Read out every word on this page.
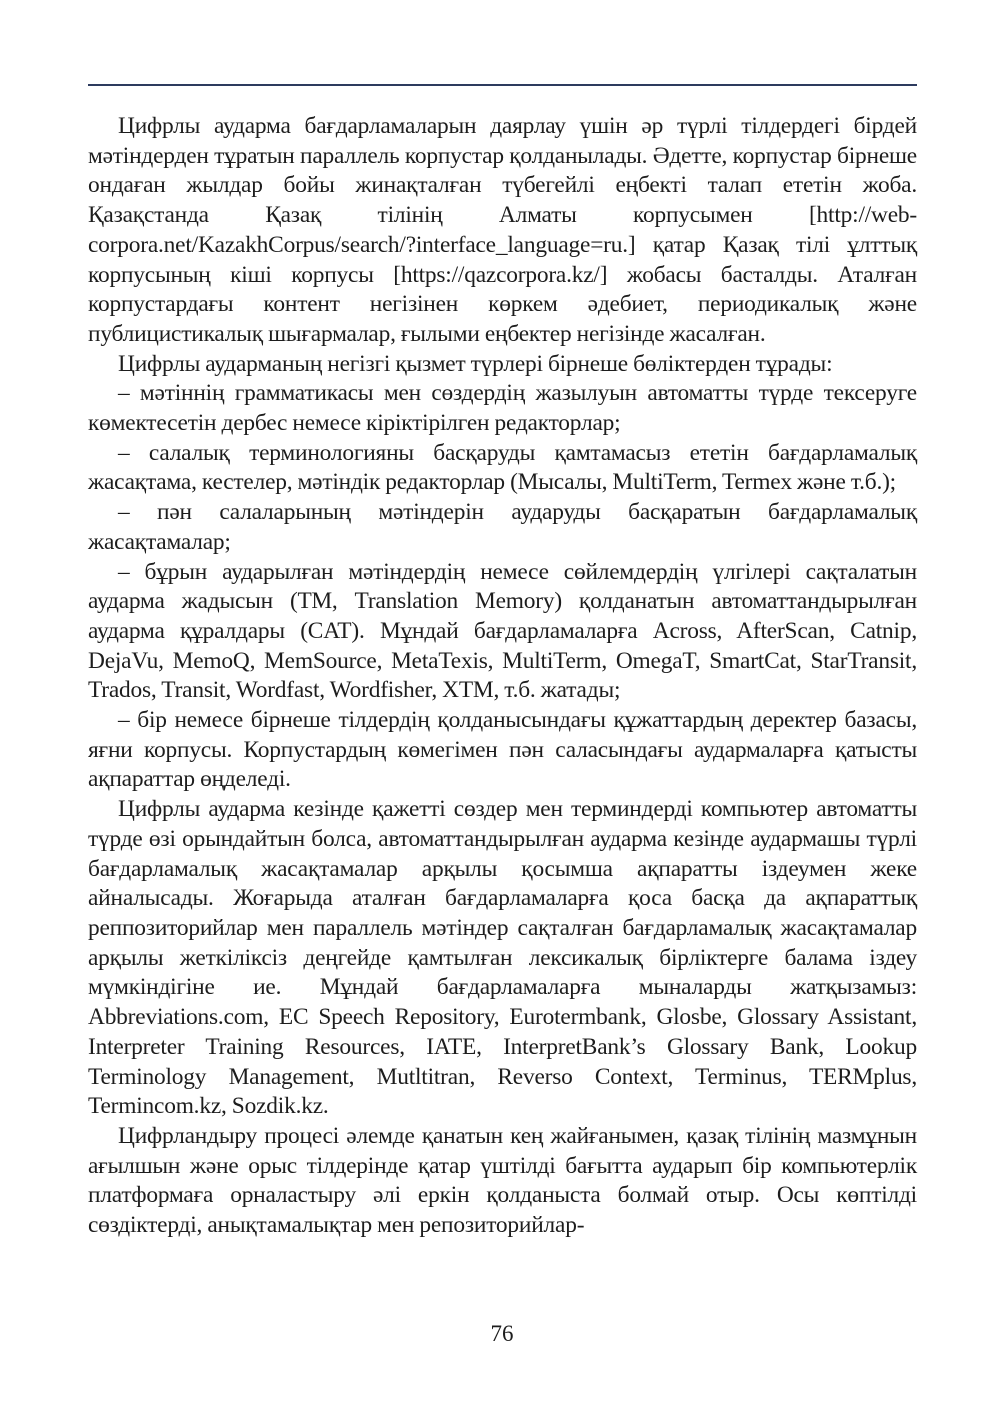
Цифрлы аударма бағдарламаларын даярлау үшін әр түрлі тілдердегі бірдей мәтіндерден тұратын параллель корпустар қолданылады. Әдетте, корпустар бірнеше ондаған жылдар бойы жинақталған түбегейлі еңбекті талап ететін жоба. Қазақстанда Қазақ тілінің Алматы корпусымен [http://web-corpora.net/KazakhCorpus/search/?interface_language=ru.] қатар Қазақ тілі ұлттық корпусының кіші корпусы [https://qazcorpora.kz/] жобасы басталды. Аталған корпустардағы контент негізінен көркем әдебиет, периодикалық және публицистикалық шығармалар, ғылыми еңбектер негізінде жасалған.

Цифрлы аударманың негізгі қызмет түрлері бірнеше бөліктерден тұрады:

– мәтіннің грамматикасы мен сөздердің жазылуын автоматты түрде тексеруге көмектесетін дербес немесе кіріктірілген редакторлар;

– салалық терминологияны басқаруды қамтамасыз ететін бағдарламалық жасақтама, кестелер, мәтіндік редакторлар (Мысалы, MultiTerm, Termex және т.б.);

– пән салаларының мәтіндерін аударуды басқаратын бағдарламалық жасақтамалар;

– бұрын аударылған мәтіндердің немесе сөйлемдердің үлгілері сақталатын аударма жадысын (ТМ, Translation Memory) қолданатын автоматтандырылған аударма құралдары (CAT). Мұндай бағдарламаларға Across, AfterScan, Catnip, DejaVu, MemoQ, MemSource, MetaTexis, MultiTerm, OmegaT, SmartCat, StarTransit, Trados, Transit, Wordfast, Wordfisher, XTM, т.б. жатады;

– бір немесе бірнеше тілдердің қолданысындағы құжаттардың деректер базасы, яғни корпусы. Корпустардың көмегімен пән саласындағы аудармаларға қатысты ақпараттар өңделеді.

Цифрлы аударма кезінде қажетті сөздер мен терминдерді компьютер автоматты түрде өзі орындайтын болса, автоматтандырылған аударма кезінде аудармашы түрлі бағдарламалық жасақтамалар арқылы қосымша ақпаратты іздеумен жеке айналысады. Жоғарыда аталған бағдарламаларға қоса басқа да ақпараттық реппозиторийлар мен параллель мәтіндер сақталған бағдарламалық жасақтамалар арқылы жеткіліксіз деңгейде қамтылған лексикалық бірліктерге балама іздеу мүмкіндігіне ие. Мұндай бағдарламаларға мыналарды жатқызамыз: Abbreviations.com, EC Speech Repository, Eurotermbank, Glosbe, Glossary Assistant, Interpreter Training Resources, IATE, InterpretBank’s Glossary Bank, Lookup Terminology Management, Mutltitran, Reverso Context, Terminus, TERMplus, Termincom.kz, Sozdik.kz.

Цифрландыру процесі әлемде қанатын кең жайғанымен, қазақ тілінің мазмұнын ағылшын және орыс тілдерінде қатар үштілді бағытта аударып бір компьютерлік платформаға орналастыру әлі еркін қолданыста болмай отыр. Осы көптілді сөздіктерді, анықтамалықтар мен репозиторийлар-

76
